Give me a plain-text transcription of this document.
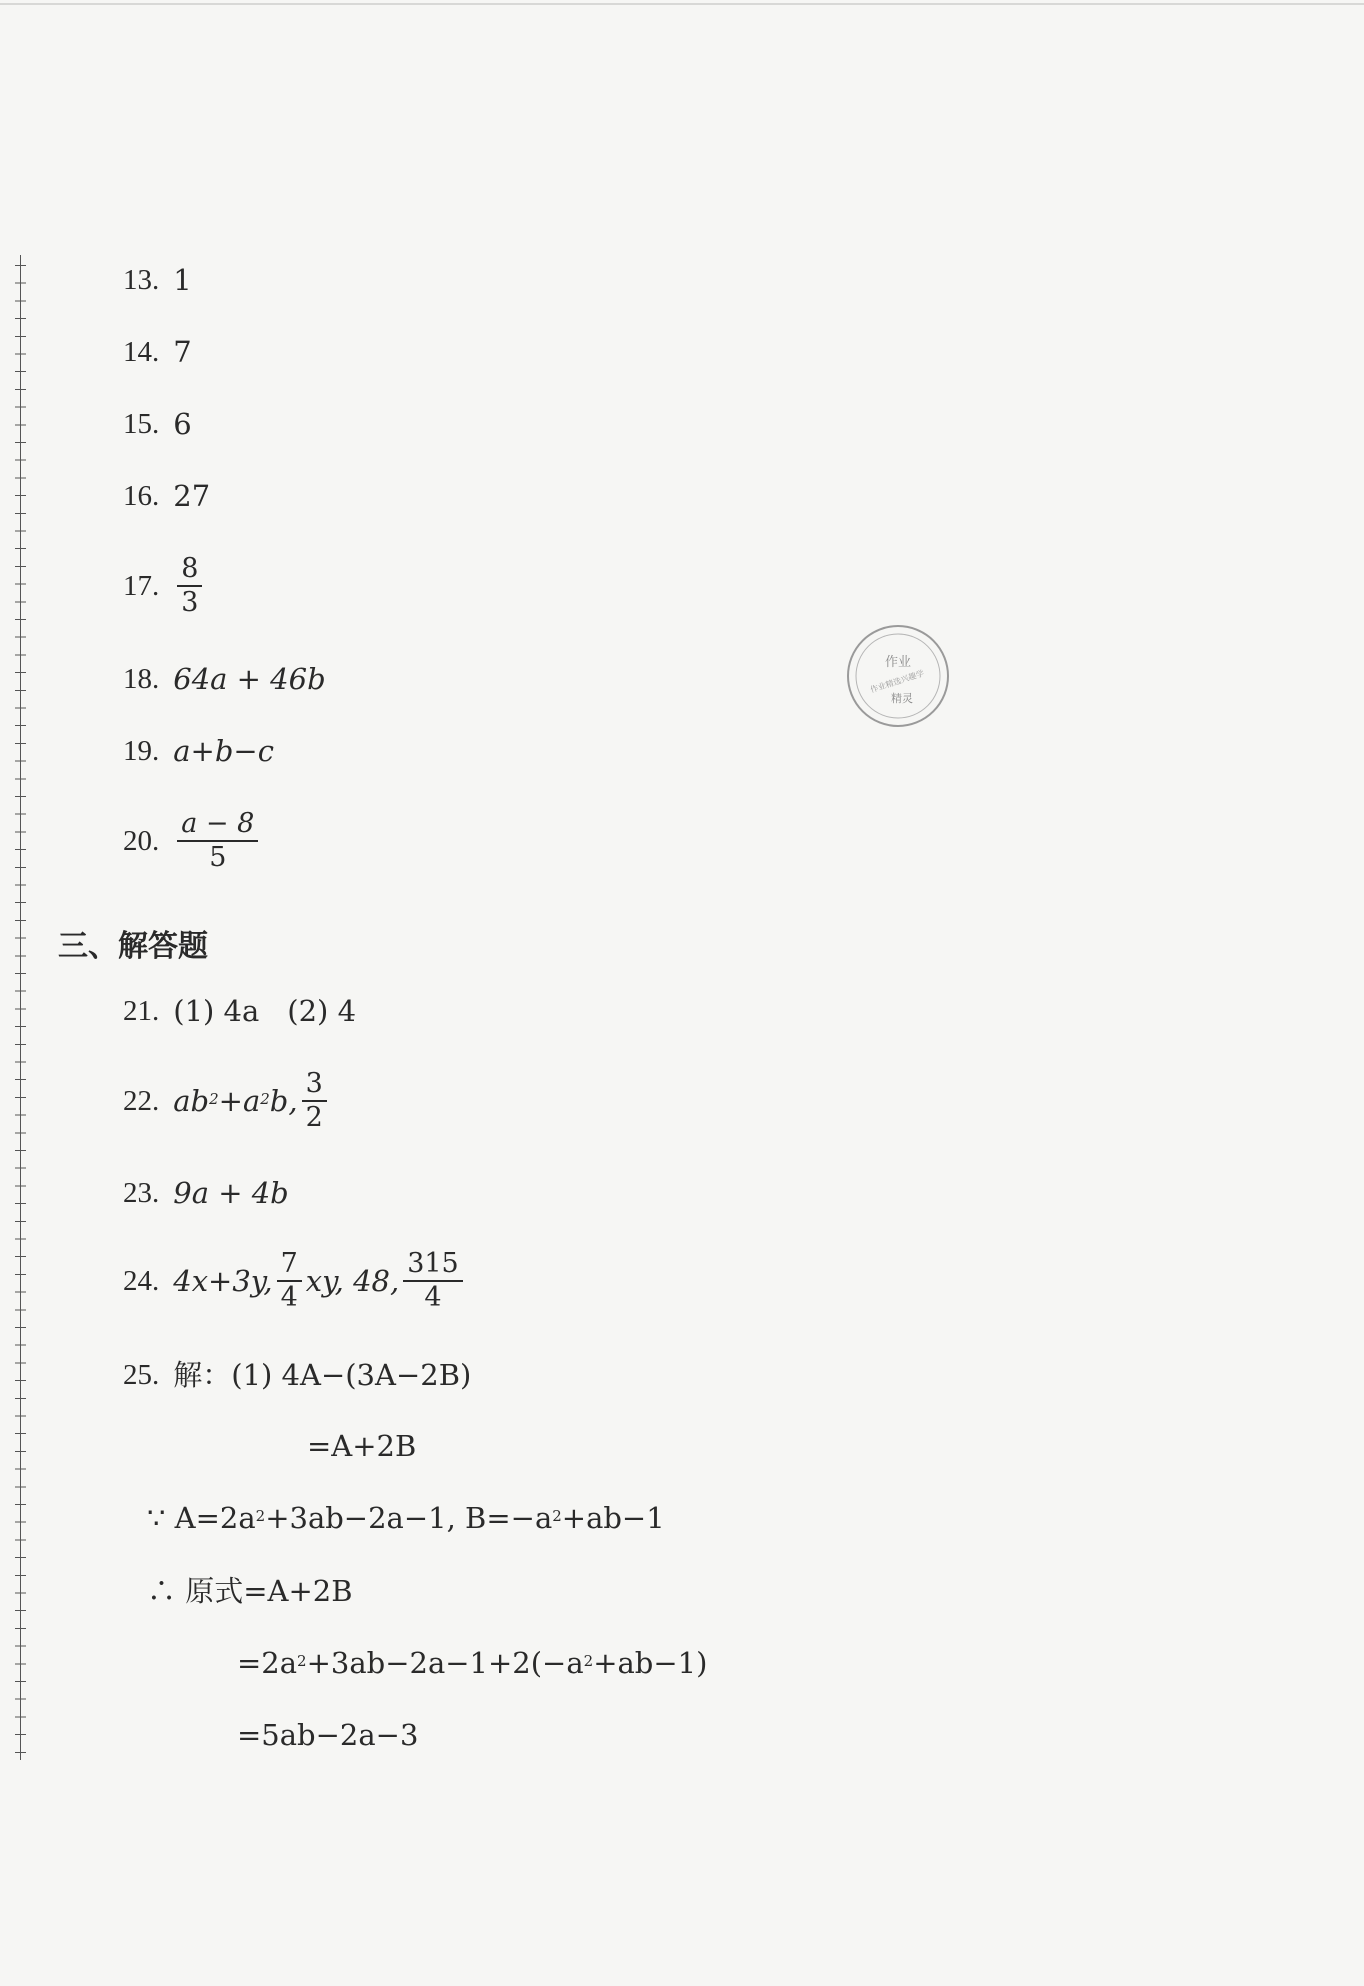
13. 1
14. 7
15. 6
16. 27
17. $\frac{8}{3}$
18. 64a + 46b
19. a+b−c
20. $\frac{a - 8}{5}$
三、解答题
21. (1) 4a (2) 4
22. $ab^2 +a^2$ b, $\frac{3}{2}$
23. 9a + 4b
24. 4x+3y, $\frac{7}{4}$ xy, 48, $\frac{315}{4}$
25. 解：(1) 4A−(3A−2B)
=A+2B
∵ $A=2a^2 +3ab-2a-1$, $B=-a^2 +ab-1$
∴ 原式=A+2B
$=2a^2 +3ab-2a-1+2(-a^2 +ab-1)$
=5ab−2a−3
作业
作业精选兴趣学
精灵
